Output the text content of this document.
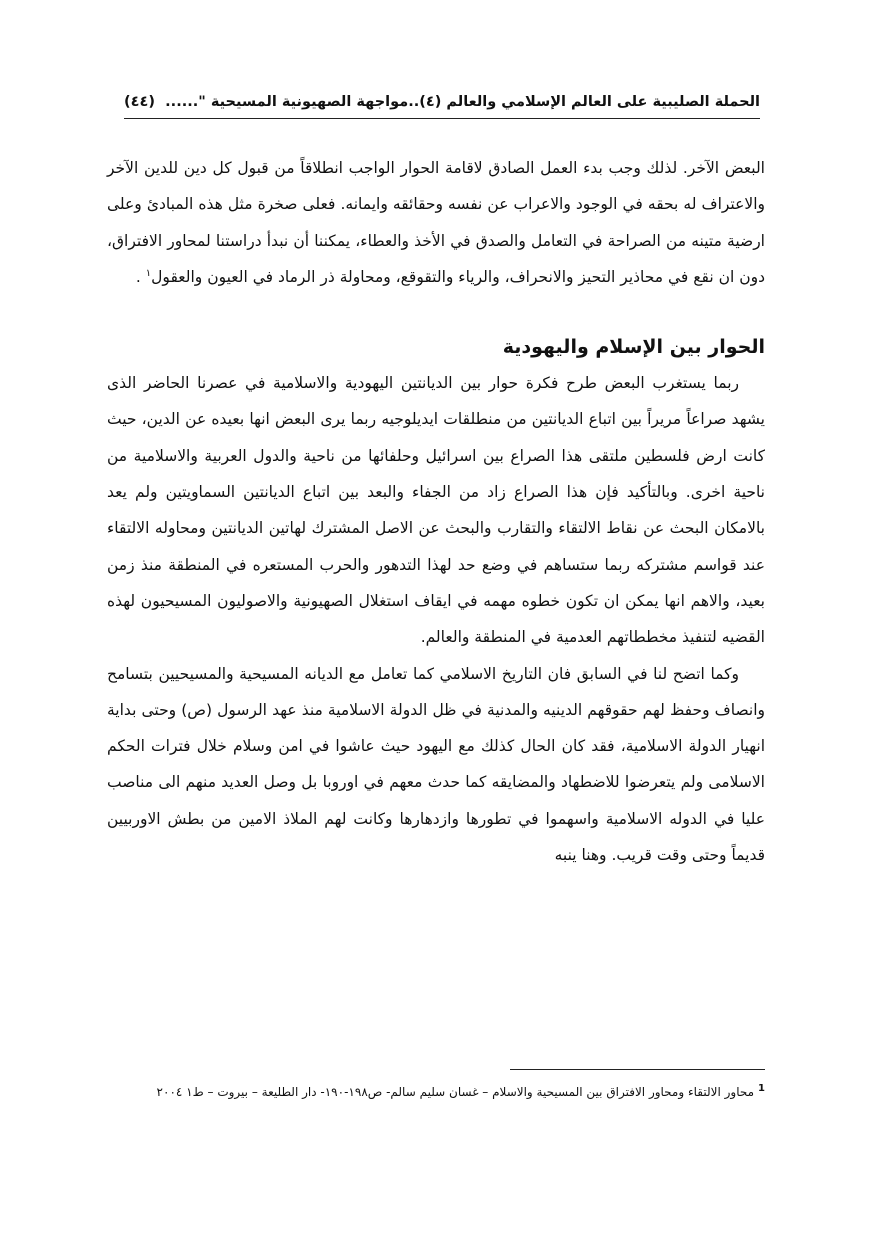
الحملة الصليبية على العالم الإسلامي والعالم (٤)..مواجهة الصهيونية المسيحية "......
(٤٤)

البعض الآخر. لذلك وجب بدء العمل الصادق لاقامة الحوار الواجب انطلاقاً من قبول كل دين للدين الآخر والاعتراف له بحقه في الوجود والاعراب عن نفسه وحقائقه وايمانه. فعلى صخرة مثل هذه المبادئ وعلى ارضية متينه من الصراحة في التعامل والصدق في الأخذ والعطاء، يمكننا أن نبدأ دراستنا لمحاور الافتراق، دون ان نقع في محاذير التحيز والانحراف، والرياء والتقوقع، ومحاولة ذر الرماد في العيون والعقول$^١$ .

الحوار بين الإسلام واليهودية

ربما يستغرب البعض طرح فكرة حوار بين الديانتين اليهودية والاسلامية في عصرنا الحاضر الذى يشهد صراعاً مريراً بين اتباع الديانتين من منطلقات ايديلوجيه ربما يرى البعض انها بعيده عن الدين، حيث كانت ارض فلسطين ملتقى هذا الصراع بين اسرائيل وحلفائها من ناحية والدول العربية والاسلامية من ناحية اخرى. وبالتأكيد فإن هذا الصراع زاد من الجفاء والبعد بين اتباع الديانتين السماويتين ولم يعد بالامكان البحث عن نقاط الالتقاء والتقارب والبحث عن الاصل المشترك لهاتين الديانتين ومحاوله الالتقاء عند قواسم مشتركه ربما ستساهم في وضع حد لهذا التدهور والحرب المستعره في المنطقة منذ زمن بعيد، والاهم انها يمكن ان تكون خطوه مهمه في ايقاف استغلال الصهيونية والاصوليون المسيحيون لهذه القضيه لتنفيذ مخططاتهم العدمية في المنطقة والعالم.

وكما اتضح لنا في السابق فان التاريخ الاسلامي كما تعامل مع الديانه المسيحية والمسيحيين بتسامح وانصاف وحفظ لهم حقوقهم الدينيه والمدنية في ظل الدولة الاسلامية منذ عهد الرسول (ص) وحتى بداية انهيار الدولة الاسلامية، فقد كان الحال كذلك مع اليهود حيث عاشوا في امن وسلام خلال فترات الحكم الاسلامى ولم يتعرضوا للاضطهاد والمضايقه كما حدث معهم في اوروبا بل وصل العديد منهم الى مناصب عليا في الدوله الاسلامية واسهموا في تطورها وازدهارها وكانت لهم الملاذ الامين من بطش الاوربيين قديماً وحتى وقت قريب. وهنا ينبه

$^1$محاور الالتقاء ومحاور الافتراق بين المسيحية والاسلام – غسان سليم سالم- ص١٩٨-١٩٠- دار الطليعة – بيروت – ط١ ٢٠٠٤
